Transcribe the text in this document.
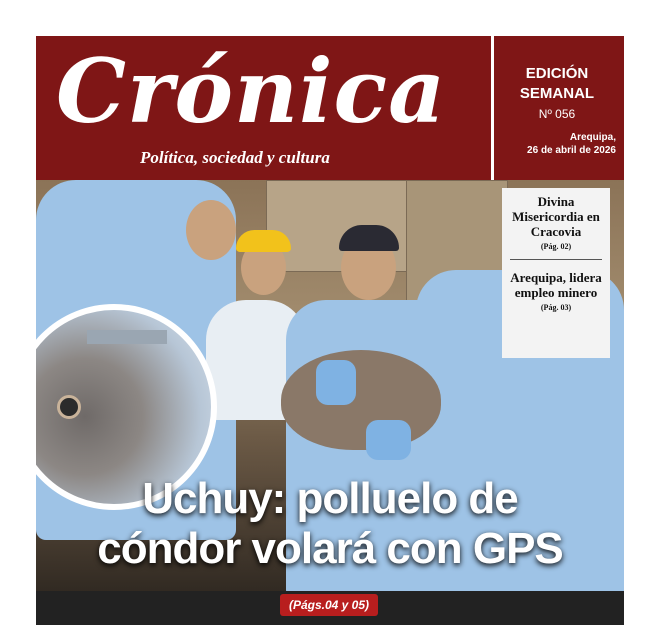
Crónica
Política, sociedad y cultura
EDICIÓN
SEMANAL
Nº 056
Arequipa,
26 de abril de 2026
Divina Misericordia en Cracovia
(Pág. 02)
Arequipa, lidera empleo minero
(Pág. 03)
Uchuy: polluelo de
cóndor volará con GPS
(Págs.04 y 05)
